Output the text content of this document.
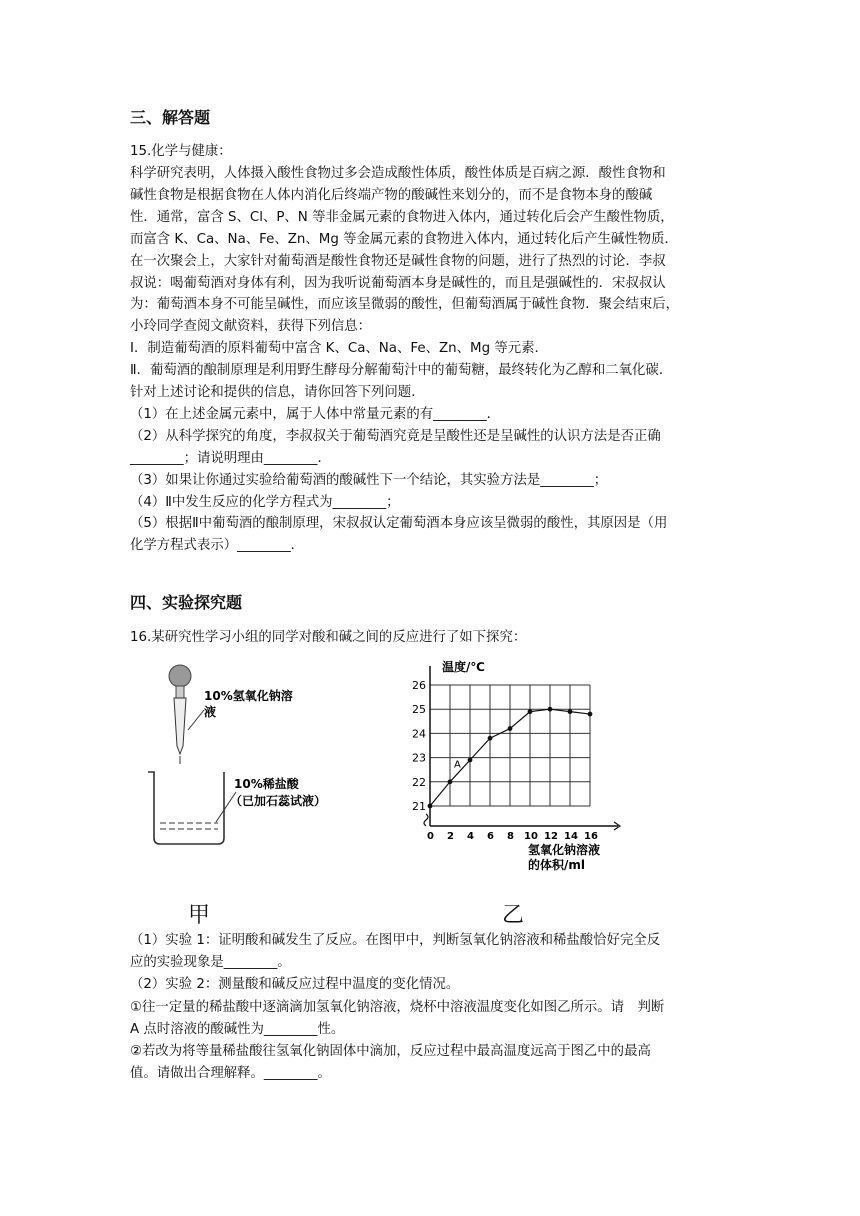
三、解答题
15.化学与健康：
科学研究表明，人体摄入酸性食物过多会造成酸性体质，酸性体质是百病之源．酸性食物和
碱性食物是根据食物在人体内消化后终端产物的酸碱性来划分的，而不是食物本身的酸碱
性．通常，富含 S、Cl、P、N 等非金属元素的食物进入体内，通过转化后会产生酸性物质，
而富含 K、Ca、Na、Fe、Zn、Mg 等金属元素的食物进入体内，通过转化后产生碱性物质．
在一次聚会上，大家针对葡萄酒是酸性食物还是碱性食物的问题，进行了热烈的讨论．李叔
叔说：喝葡萄酒对身体有利，因为我听说葡萄酒本身是碱性的，而且是强碱性的．宋叔叔认
为：葡萄酒本身不可能呈碱性，而应该呈微弱的酸性，但葡萄酒属于碱性食物．聚会结束后，
小玲同学查阅文献资料，获得下列信息：
Ⅰ．制造葡萄酒的原料葡萄中富含 K、Ca、Na、Fe、Zn、Mg 等元素．
Ⅱ．葡萄酒的酿制原理是利用野生酵母分解葡萄汁中的葡萄糖，最终转化为乙醇和二氧化碳．
针对上述讨论和提供的信息，请你回答下列问题．
（1）在上述金属元素中，属于人体中常量元素的有________．
（2）从科学探究的角度，李叔叔关于葡萄酒究竟是呈酸性还是呈碱性的认识方法是否正确
________；请说明理由________．
（3）如果让你通过实验给葡萄酒的酸碱性下一个结论，其实验方法是________；
（4）Ⅱ中发生反应的化学方程式为________；
（5）根据Ⅱ中葡萄酒的酿制原理，宋叔叔认定葡萄酒本身应该呈微弱的酸性，其原因是（用
化学方程式表示）________．
四、实验探究题
16.某研究性学习小组的同学对酸和碱之间的反应进行了如下探究：
10%氢氧化钠溶
液
10%稀盐酸
（已加石蕊试液）
甲
温度/℃
氢氧化钠溶液
的体积/ml
21
22
23
24
25
26
0 2 4 6 8 10 12 14 16
A
乙
（1）实验 1：证明酸和碱发生了反应。在图甲中，判断氢氧化钠溶液和稀盐酸恰好完全反
应的实验现象是________。
（2）实验 2：测量酸和碱反应过程中温度的变化情况。
①往一定量的稀盐酸中逐滴滴加氢氧化钠溶液，烧杯中溶液温度变化如图乙所示。请　判断
A 点时溶液的酸碱性为________性。
②若改为将等量稀盐酸往氢氧化钠固体中滴加，反应过程中最高温度远高于图乙中的最高
值。请做出合理解释。________。
